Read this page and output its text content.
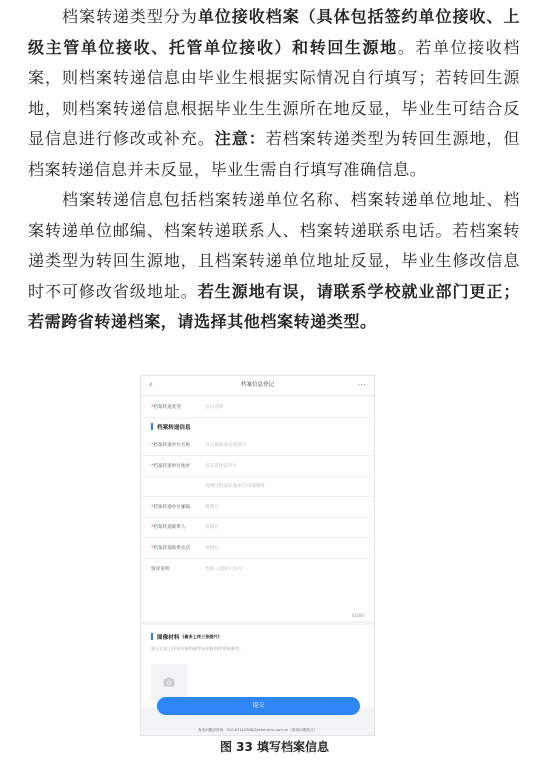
档案转递类型分为单位接收档案（具体包括签约单位接收、上级主管单位接收、托管单位接收）和转回生源地。若单位接收档案，则档案转递信息由毕业生根据实际情况自行填写；若转回生源地，则档案转递信息根据毕业生生源所在地反显，毕业生可结合反显信息进行修改或补充。注意：若档案转递类型为转回生源地，但档案转递信息并未反显，毕业生需自行填写准确信息。

档案转递信息包括档案转递单位名称、档案转递单位地址、档案转递单位邮编、档案转递联系人、档案转递联系电话。若档案转递类型为转回生源地，且档案转递单位地址反显，毕业生修改信息时不可修改省级地址。若生源地有误，请联系学校就业部门更正；若需跨省转递档案，请选择其他档案转递类型。

‹	档案信息登记	···
*档案转递类型	点击选择
档案转递信息
*档案转递单位名称	点击搜索或直接填写
*档案转递单位地址	点击选择省市区
请填写档案转递单位详细地址
*档案转递单位邮编	请填写
*档案转递联系人	请填写
*档案转递联系电话	请填写
情况说明	选填（200字以内）
0/200
图像材料 (最多上传三张图片)
如可在此上传单位接档函等证明材料供审核参考。
提交
客电问题请咨询：010-67410388或sefuhichu.com.cn（需拐问题格式）
图 33 填写档案信息
